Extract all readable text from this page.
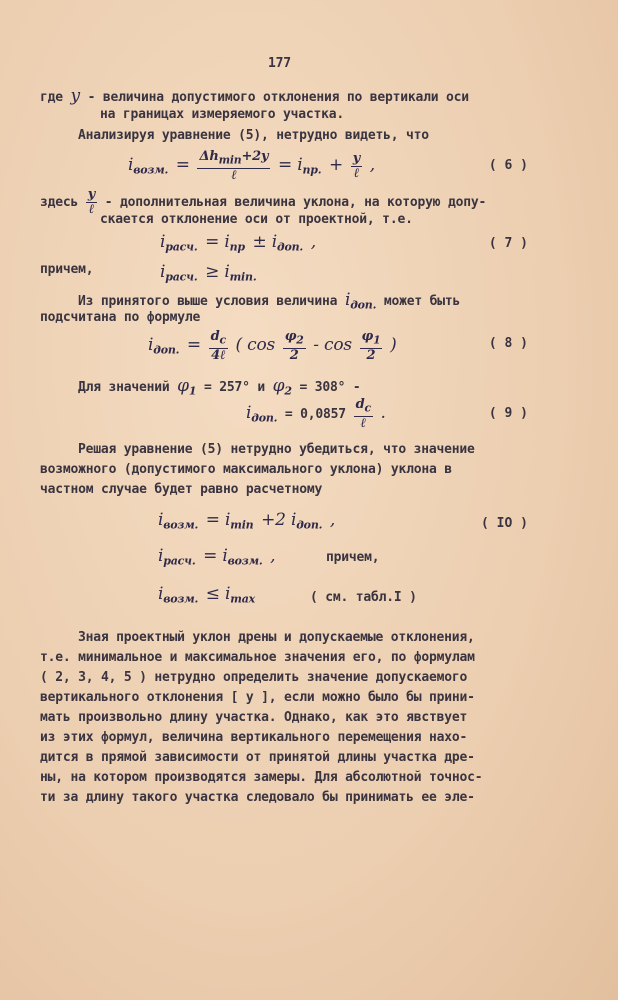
177
где y - величина допустимого отклонения по вертикали оси
на границах измеряемого участка.
Анализируя уравнение (5), нетрудно видеть, что
$i_{возм.} = \frac{\Delta h_{min}+2y}{\text{ℓ}} = i_{пр.} + \frac{y}{\text{ℓ}}$ ,	( 6 )
здесь $\frac{y}{\text{ℓ}}$ - дополнительная величина уклона, на которую допу-
скается отклонение оси от проектной, т.е.
$i_{расч.} = i_{пр} \pm i_{доп.}$ ,	( 7 )
причем,	$i_{расч.} \ge i_{min.}$
Из принятого выше условия величина $i_{доп.}$ может быть
подсчитана по формуле
$i_{доп.} = \frac{d_c}{\text{4ℓ}}$ ( $\cos \frac{\varphi_2}{2}$ - $\cos \frac{\varphi_1}{2}$ )	( 8 )
Для значений $\varphi_1 = 257^\circ$ и $\varphi_2 = 308^\circ$ -
$i_{доп.} = 0,0857 \frac{d_c}{\text{ℓ}}$ .	( 9 )
Решая уравнение (5) нетрудно убедиться, что значение
возможного (допустимого максимального уклона) уклона в
частном случае будет равно расчетному
$i_{возм.} = i_{min} +2$ $i_{доп.}$ ,	( IO )
$i_{расч.} = i_{возм.}$ ,	причем,
$i_{возм.} \le i_{max}$	( см. табл.I )
Зная проектный уклон дрены и допускаемые отклонения,
т.е. минимальное и максимальное значения его, по формулам
( 2, 3, 4, 5 ) нетрудно определить значение допускаемого
вертикального отклонения [ y ], если можно было бы прини-
мать произвольно длину участка. Однако, как это явствует
из этих формул, величина вертикального перемещения нахо-
дится в прямой зависимости от принятой длины участка дре-
ны, на котором производятся замеры. Для абсолютной точнос-
ти за длину такого участка следовало бы принимать ее эле-
